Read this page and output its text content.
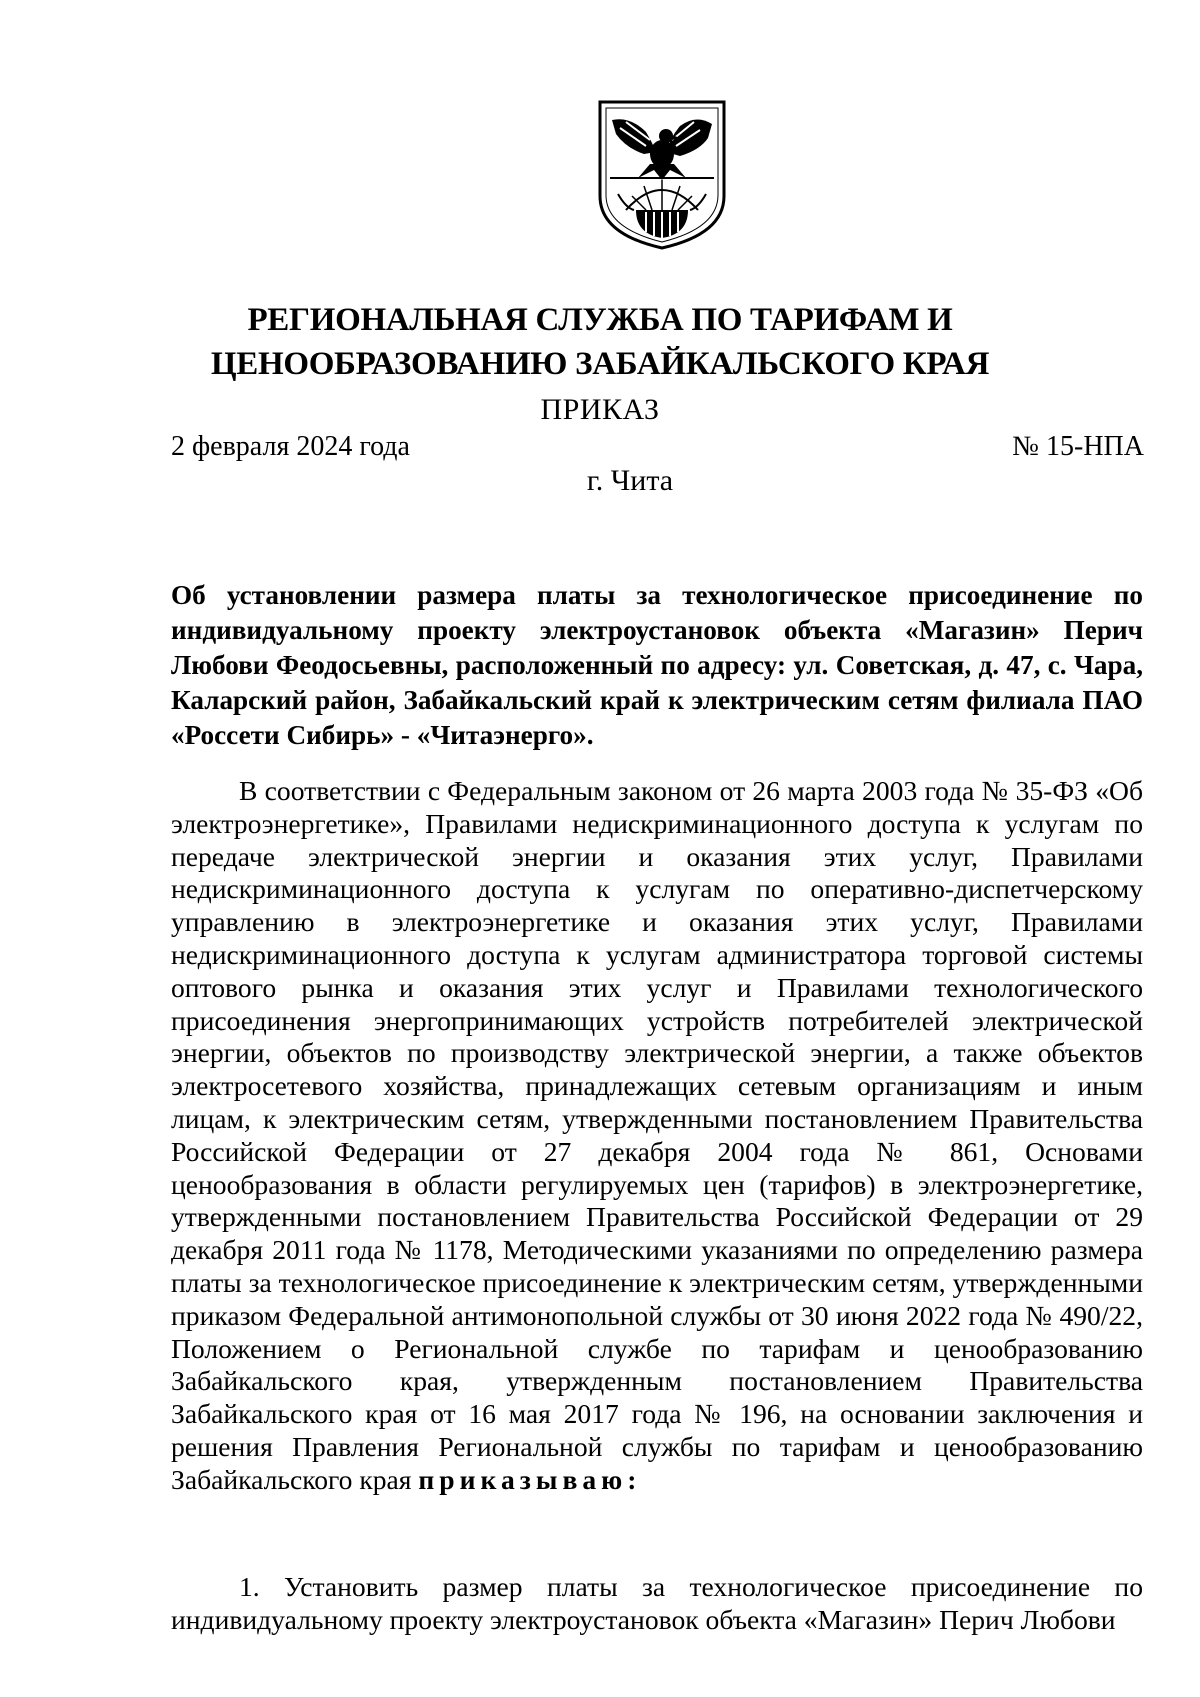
РЕГИОНАЛЬНАЯ СЛУЖБА ПО ТАРИФАМ И
ЦЕНООБРАЗОВАНИЮ ЗАБАЙКАЛЬСКОГО КРАЯ

ПРИКАЗ

2 февраля 2024 года	№ 15-НПА

г. Чита

Об установлении размера платы за технологическое присоединение по индивидуальному проекту электроустановок объекта «Магазин» Перич Любови Феодосьевны, расположенный по адресу: ул. Советская, д. 47, с. Чара, Каларский район, Забайкальский край к электрическим сетям филиала ПАО «Россети Сибирь» - «Читаэнерго».

В соответствии с Федеральным законом от 26 марта 2003 года № 35-ФЗ «Об электроэнергетике», Правилами недискриминационного доступа к услугам по передаче электрической энергии и оказания этих услуг, Правилами недискриминационного доступа к услугам по оперативно-диспетчерскому управлению в электроэнергетике и оказания этих услуг, Правилами недискриминационного доступа к услугам администратора торговой системы оптового рынка и оказания этих услуг и Правилами технологического присоединения энергопринимающих устройств потребителей электрической энергии, объектов по производству электрической энергии, а также объектов электросетевого хозяйства, принадлежащих сетевым организациям и иным лицам, к электрическим сетям, утвержденными постановлением Правительства Российской Федерации от 27 декабря 2004 года № 861, Основами ценообразования в области регулируемых цен (тарифов) в электроэнергетике, утвержденными постановлением Правительства Российской Федерации от 29 декабря 2011 года № 1178, Методическими указаниями по определению размера платы за технологическое присоединение к электрическим сетям, утвержденными приказом Федеральной антимонопольной службы от 30 июня 2022 года № 490/22, Положением о Региональной службе по тарифам и ценообразованию Забайкальского края, утвержденным постановлением Правительства Забайкальского края от 16 мая 2017 года № 196, на основании заключения и решения Правления Региональной службы по тарифам и ценообразованию Забайкальского края приказываю:

1. Установить размер платы за технологическое присоединение по индивидуальному проекту электроустановок объекта «Магазин» Перич Любови
